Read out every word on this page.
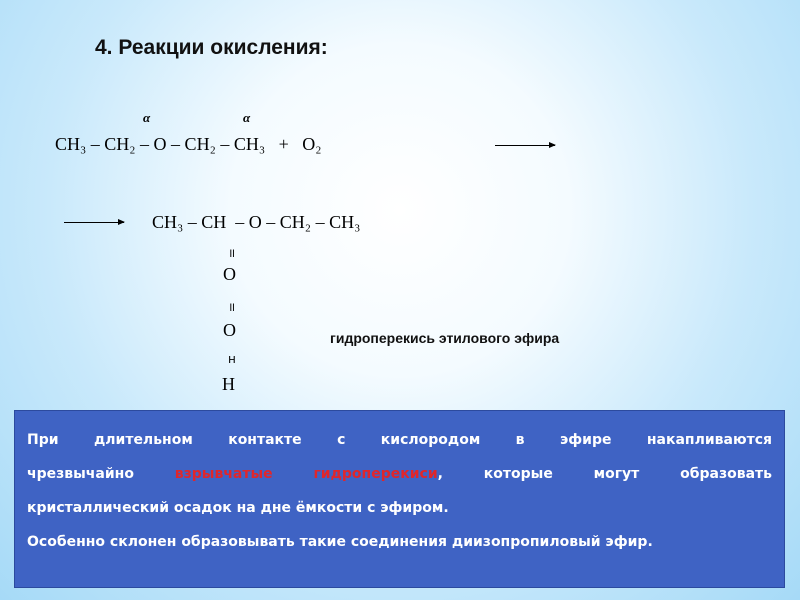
4. Реакции окисления:
α	α
CH₃ – CH₂ – O – CH₂ – CH₃   +   O₂
CH₃ – CH  – O – CH₂ – CH₃
॥
O
॥
O
н
H
гидроперекись этилового эфира

При длительном контакте с кислородом в эфире накапливаются

чрезвычайно	взрывчатые гидроперекиси, которые могут образовать

кристаллический осадок на дне ёмкости с эфиром.

Особенно склонен образовывать такие соединения диизопропиловый эфир.
